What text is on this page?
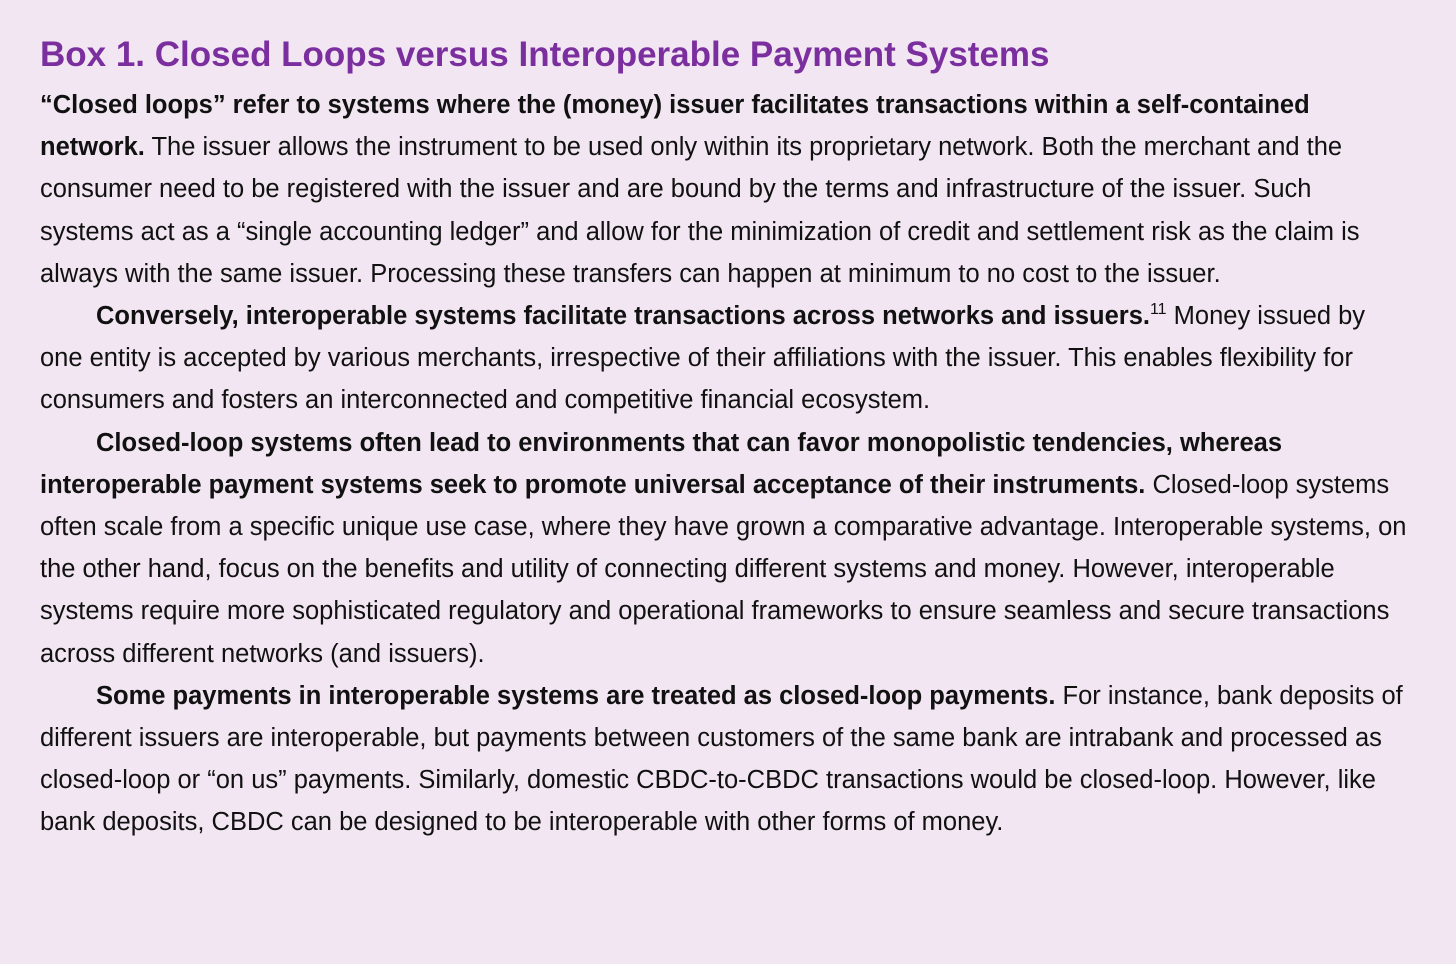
Box 1. Closed Loops versus Interoperable Payment Systems

“Closed loops” refer to systems where the (money) issuer facilitates transactions within a self-contained network. The issuer allows the instrument to be used only within its proprietary network. Both the merchant and the consumer need to be registered with the issuer and are bound by the terms and infrastructure of the issuer. Such systems act as a “single accounting ledger” and allow for the minimization of credit and settlement risk as the claim is always with the same issuer. Processing these transfers can happen at minimum to no cost to the issuer.

Conversely, interoperable systems facilitate transactions across networks and issuers.$^{11}$ Money issued by one entity is accepted by various merchants, irrespective of their affiliations with the issuer. This enables flexibility for consumers and fosters an interconnected and competitive financial ecosystem.

Closed-loop systems often lead to environments that can favor monopolistic tendencies, whereas interoperable payment systems seek to promote universal acceptance of their instruments. Closed-loop systems often scale from a specific unique use case, where they have grown a comparative advantage. Interoperable systems, on the other hand, focus on the benefits and utility of connecting different systems and money. However, interoperable systems require more sophisticated regulatory and operational frameworks to ensure seamless and secure transactions across different networks (and issuers).

Some payments in interoperable systems are treated as closed-loop payments. For instance, bank deposits of different issuers are interoperable, but payments between customers of the same bank are intrabank and processed as closed-loop or “on us” payments. Similarly, domestic CBDC-to-CBDC transactions would be closed-loop. However, like bank deposits, CBDC can be designed to be interoperable with other forms of money.
